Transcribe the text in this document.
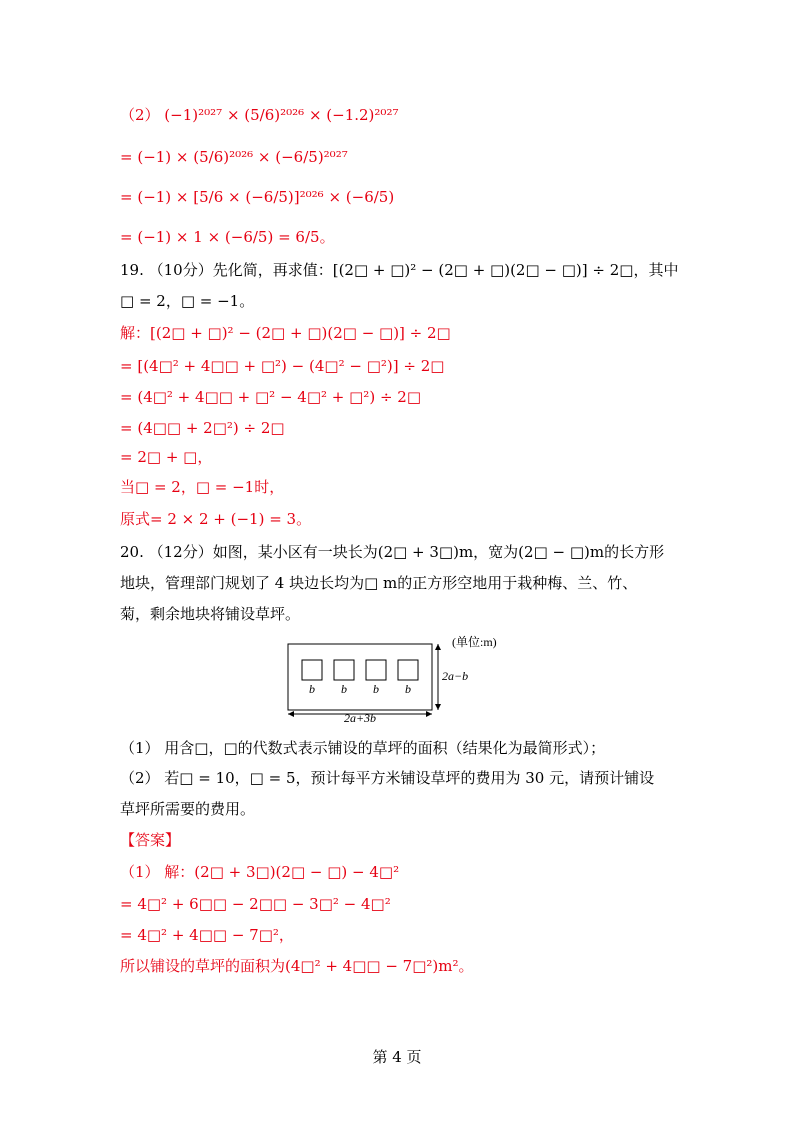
（2） (−1)²⁰²⁷ × (5/6)²⁰²⁶ × (−1.2)²⁰²⁷
= (−1) × (5/6)²⁰²⁶ × (−6/5)²⁰²⁷
= (−1) × [5/6 × (−6/5)]²⁰²⁶ × (−6/5)
= (−1) × 1 × (−6/5) = 6/5。
19. （10分）先化简，再求值：[(2□ + □)² − (2□ + □)(2□ − □)] ÷ 2□，其中
□ = 2，□ = −1。
解：[(2□ + □)² − (2□ + □)(2□ − □)] ÷ 2□
= [(4□² + 4□□ + □²) − (4□² − □²)] ÷ 2□
= (4□² + 4□□ + □² − 4□² + □²) ÷ 2□
= (4□□ + 2□²) ÷ 2□
= 2□ + □，
当□ = 2，□ = −1时，
原式= 2 × 2 + (−1) = 3。
20. （12分）如图，某小区有一块长为(2□ + 3□)m，宽为(2□ − □)m的长方形
地块，管理部门规划了 4 块边长均为□ m的正方形空地用于栽种梅、兰、竹、
菊，剩余地块将铺设草坪。
b b b b
2a−b
2a+3b
(单位:m)
（1） 用含□，□的代数式表示铺设的草坪的面积（结果化为最简形式）；
（2） 若□ = 10，□ = 5，预计每平方米铺设草坪的费用为 30 元，请预计铺设
草坪所需要的费用。
【答案】
（1） 解：(2□ + 3□)(2□ − □) − 4□²
= 4□² + 6□□ − 2□□ − 3□² − 4□²
= 4□² + 4□□ − 7□²，
所以铺设的草坪的面积为(4□² + 4□□ − 7□²)m²。
第 4 页
